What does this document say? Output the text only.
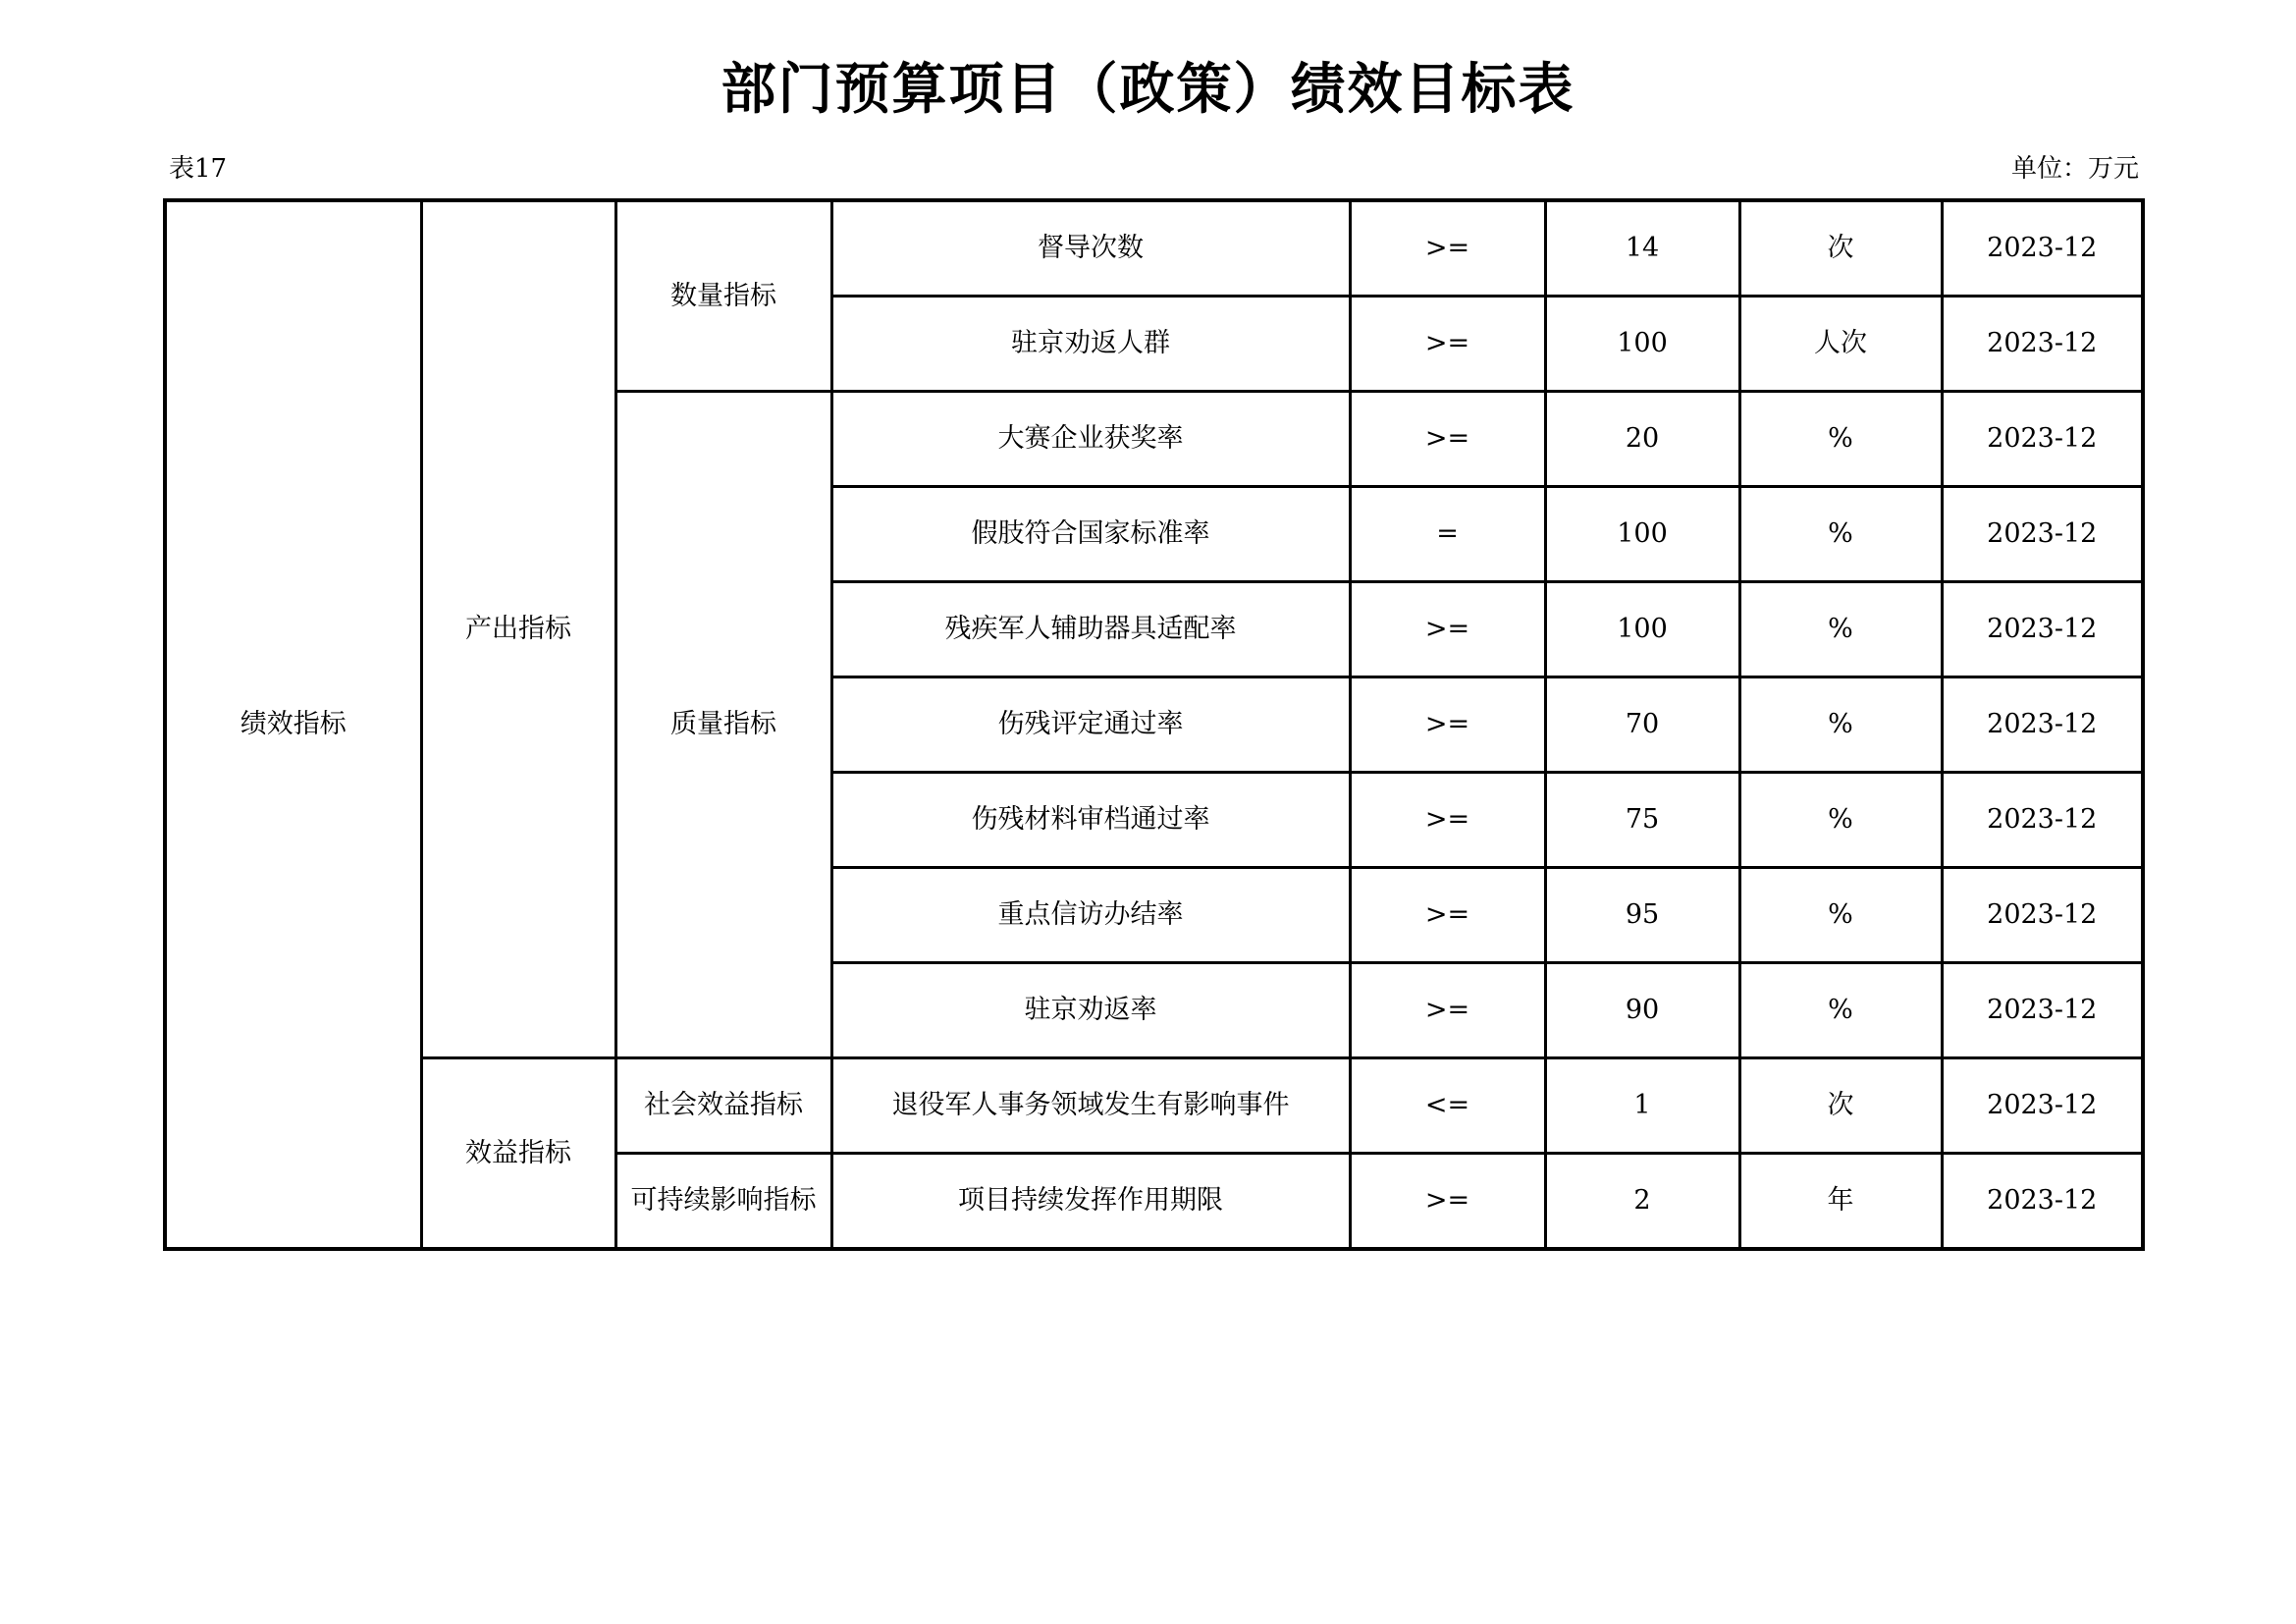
部门预算项目（政策）绩效目标表
表17	单位：万元
绩效指标	产出指标	数量指标	督导次数	>=	14	次	2023-12
			驻京劝返人群	>=	100	人次	2023-12
		质量指标	大赛企业获奖率	>=	20	%	2023-12
			假肢符合国家标准率	=	100	%	2023-12
			残疾军人辅助器具适配率	>=	100	%	2023-12
			伤残评定通过率	>=	70	%	2023-12
			伤残材料审档通过率	>=	75	%	2023-12
			重点信访办结率	>=	95	%	2023-12
			驻京劝返率	>=	90	%	2023-12
	效益指标	社会效益指标	退役军人事务领域发生有影响事件	<=	1	次	2023-12
		可持续影响指标	项目持续发挥作用期限	>=	2	年	2023-12
